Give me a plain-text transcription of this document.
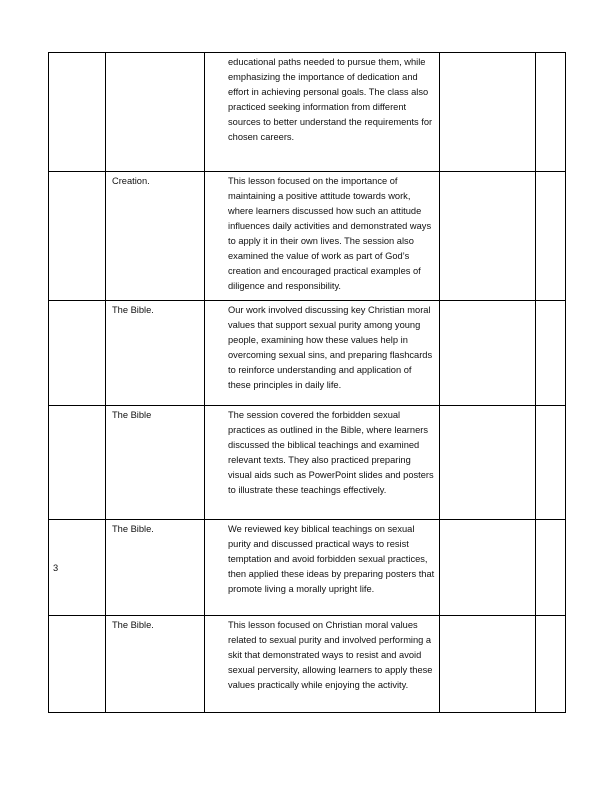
		educational paths needed to pursue them, while emphasizing the importance of dedication and effort in achieving personal goals. The class also practiced seeking information from different sources to better understand the requirements for chosen careers.		
	Creation.	This lesson focused on the importance of maintaining a positive attitude towards work, where learners discussed how such an attitude influences daily activities and demonstrated ways to apply it in their own lives. The session also examined the value of work as part of God’s creation and encouraged practical examples of diligence and responsibility.		
	The Bible.	Our work involved discussing key Christian moral values that support sexual purity among young people, examining how these values help in overcoming sexual sins, and preparing flashcards to reinforce understanding and application of these principles in daily life.		
	The Bible	The session covered the forbidden sexual practices as outlined in the Bible, where learners discussed the biblical teachings and examined relevant texts. They also practiced preparing visual aids such as PowerPoint slides and posters to illustrate these teachings effectively.		
3	The Bible.	We reviewed key biblical teachings on sexual purity and discussed practical ways to resist temptation and avoid forbidden sexual practices, then applied these ideas by preparing posters that promote living a morally upright life.		
	The Bible.	This lesson focused on Christian moral values related to sexual purity and involved performing a skit that demonstrated ways to resist and avoid sexual perversity, allowing learners to apply these values practically while enjoying the activity.		
